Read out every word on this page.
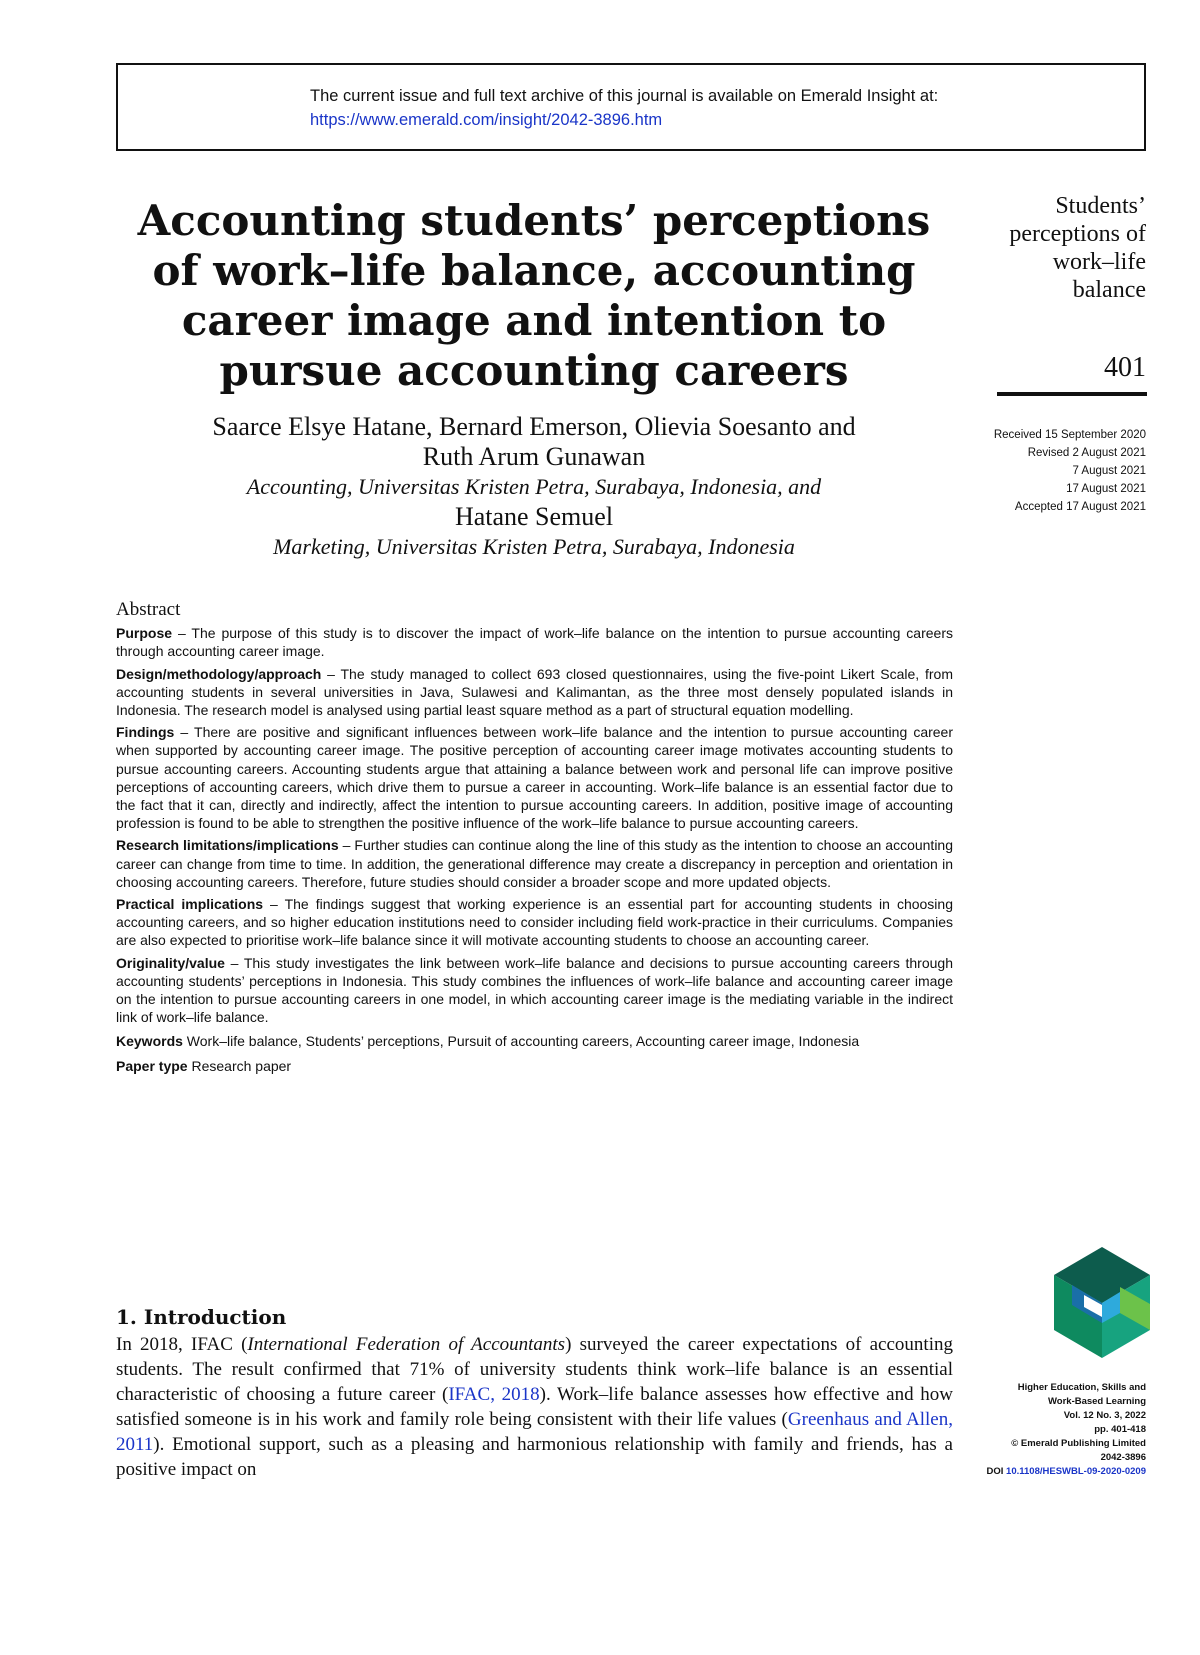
The current issue and full text archive of this journal is available on Emerald Insight at:
https://www.emerald.com/insight/2042-3896.htm
Accounting students’ perceptions
of work–life balance, accounting
career image and intention to
pursue accounting careers
Saarce Elsye Hatane, Bernard Emerson, Olievia Soesanto and
Ruth Arum Gunawan
Accounting, Universitas Kristen Petra, Surabaya, Indonesia, and
Hatane Semuel
Marketing, Universitas Kristen Petra, Surabaya, Indonesia
Students’
perceptions of
work–life
balance
401
Received 15 September 2020
Revised 2 August 2021
7 August 2021
17 August 2021
Accepted 17 August 2021
Abstract

Purpose – The purpose of this study is to discover the impact of work–life balance on the intention to pursue accounting careers through accounting career image.

Design/methodology/approach – The study managed to collect 693 closed questionnaires, using the five-point Likert Scale, from accounting students in several universities in Java, Sulawesi and Kalimantan, as the three most densely populated islands in Indonesia. The research model is analysed using partial least square method as a part of structural equation modelling.

Findings – There are positive and significant influences between work–life balance and the intention to pursue accounting career when supported by accounting career image. The positive perception of accounting career image motivates accounting students to pursue accounting careers. Accounting students argue that attaining a balance between work and personal life can improve positive perceptions of accounting careers, which drive them to pursue a career in accounting. Work–life balance is an essential factor due to the fact that it can, directly and indirectly, affect the intention to pursue accounting careers. In addition, positive image of accounting profession is found to be able to strengthen the positive influence of the work–life balance to pursue accounting careers.

Research limitations/implications – Further studies can continue along the line of this study as the intention to choose an accounting career can change from time to time. In addition, the generational difference may create a discrepancy in perception and orientation in choosing accounting careers. Therefore, future studies should consider a broader scope and more updated objects.

Practical implications – The findings suggest that working experience is an essential part for accounting students in choosing accounting careers, and so higher education institutions need to consider including field work-practice in their curriculums. Companies are also expected to prioritise work–life balance since it will motivate accounting students to choose an accounting career.

Originality/value – This study investigates the link between work–life balance and decisions to pursue accounting careers through accounting students’ perceptions in Indonesia. This study combines the influences of work–life balance and accounting career image on the intention to pursue accounting careers in one model, in which accounting career image is the mediating variable in the indirect link of work–life balance.

Keywords Work–life balance, Students’ perceptions, Pursuit of accounting careers, Accounting career image, Indonesia
Paper type Research paper
Higher Education, Skills and
Work-Based Learning
Vol. 12 No. 3, 2022
pp. 401-418
© Emerald Publishing Limited
2042-3896
DOI 10.1108/HESWBL-09-2020-0209
1. Introduction
In 2018, IFAC (International Federation of Accountants) surveyed the career expectations of accounting students. The result confirmed that 71% of university students think work–life balance is an essential characteristic of choosing a future career (IFAC, 2018). Work–life balance assesses how effective and how satisfied someone is in his work and family role being consistent with their life values (Greenhaus and Allen, 2011). Emotional support, such as a pleasing and harmonious relationship with family and friends, has a positive impact on
